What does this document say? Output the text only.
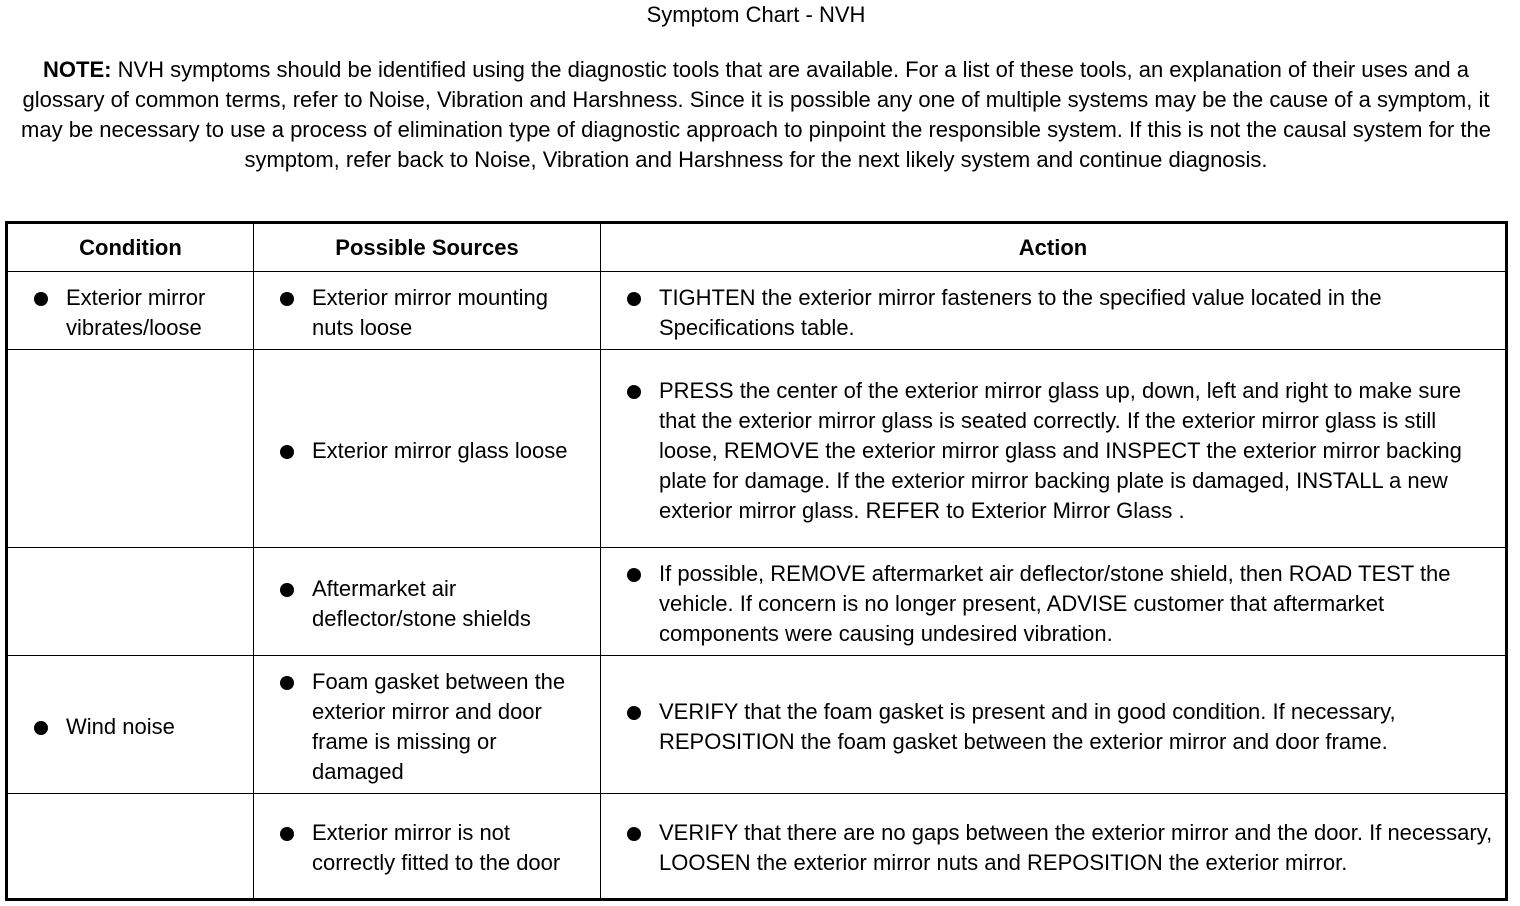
Symptom Chart - NVH
NOTE: NVH symptoms should be identified using the diagnostic tools that are available. For a list of these tools, an explanation of their uses and a glossary of common terms, refer to Noise, Vibration and Harshness. Since it is possible any one of multiple systems may be the cause of a symptom, it may be necessary to use a process of elimination type of diagnostic approach to pinpoint the responsible system. If this is not the causal system for the symptom, refer back to Noise, Vibration and Harshness for the next likely system and continue diagnosis.
Condition	Possible Sources	Action

Exterior mirror vibrates/loose	Exterior mirror mounting nuts loose	TIGHTEN the exterior mirror fasteners to the specified value located in the Specifications table.

	Exterior mirror glass loose	PRESS the center of the exterior mirror glass up, down, left and right to make sure that the exterior mirror glass is seated correctly. If the exterior mirror glass is still loose, REMOVE the exterior mirror glass and INSPECT the exterior mirror backing plate for damage. If the exterior mirror backing plate is damaged, INSTALL a new exterior mirror glass. REFER to Exterior Mirror Glass .

	Aftermarket air deflector/stone shields	If possible, REMOVE aftermarket air deflector/stone shield, then ROAD TEST the vehicle. If concern is no longer present, ADVISE customer that aftermarket components were causing undesired vibration.

Wind noise	Foam gasket between the exterior mirror and door frame is missing or damaged	VERIFY that the foam gasket is present and in good condition. If necessary, REPOSITION the foam gasket between the exterior mirror and door frame.

	Exterior mirror is not correctly fitted to the door	VERIFY that there are no gaps between the exterior mirror and the door. If necessary, LOOSEN the exterior mirror nuts and REPOSITION the exterior mirror.
